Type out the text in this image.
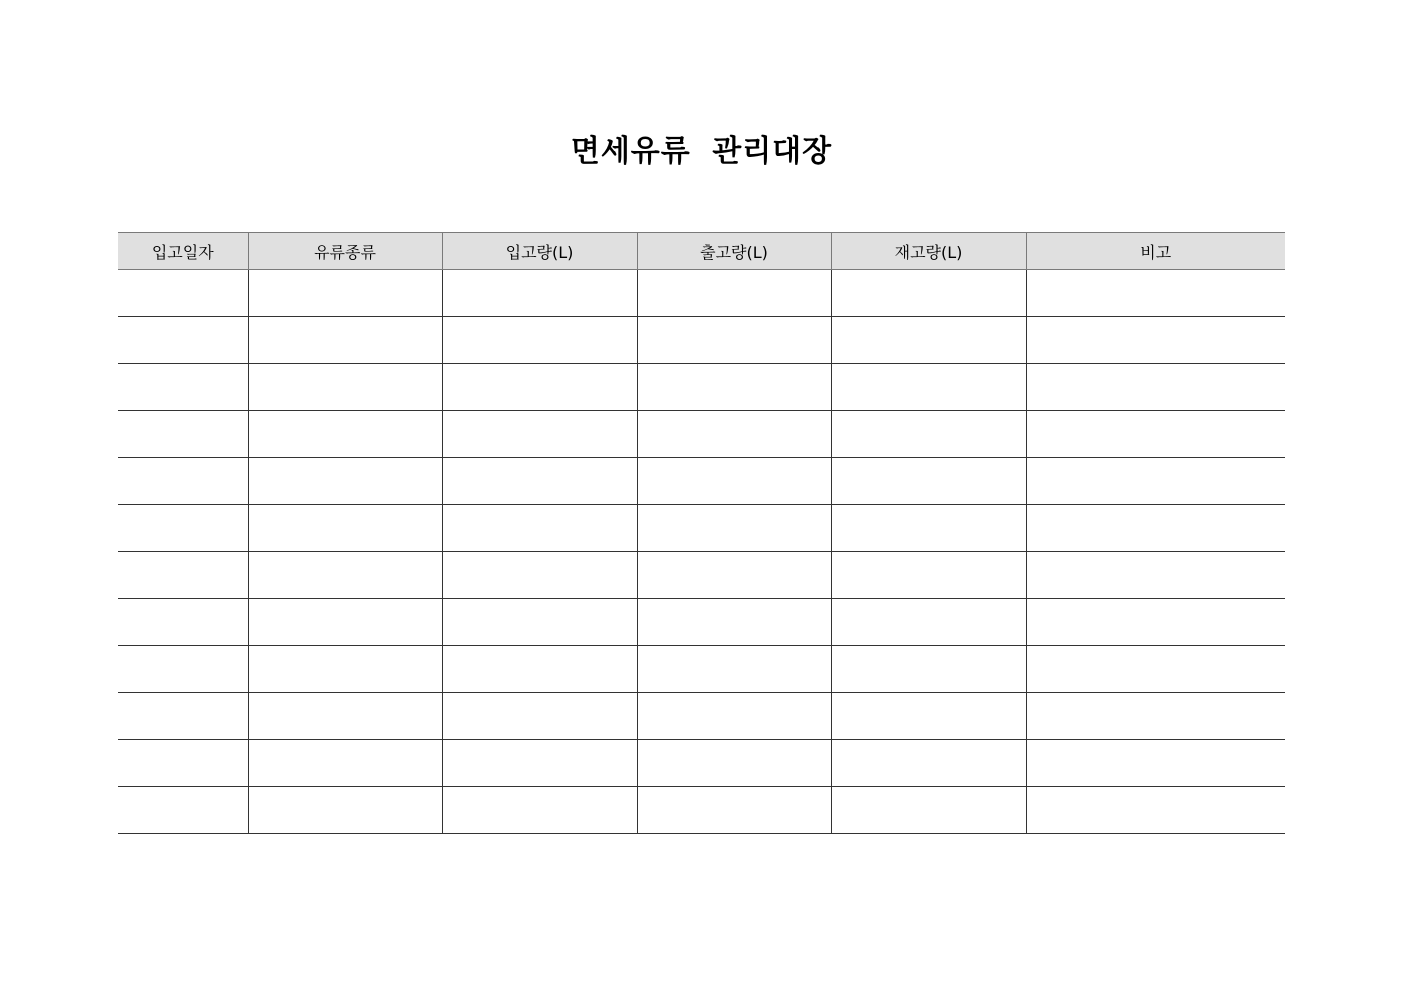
면세유류 관리대장
입고일자	유류종류	입고량(L)	출고량(L)	재고량(L)	비고
